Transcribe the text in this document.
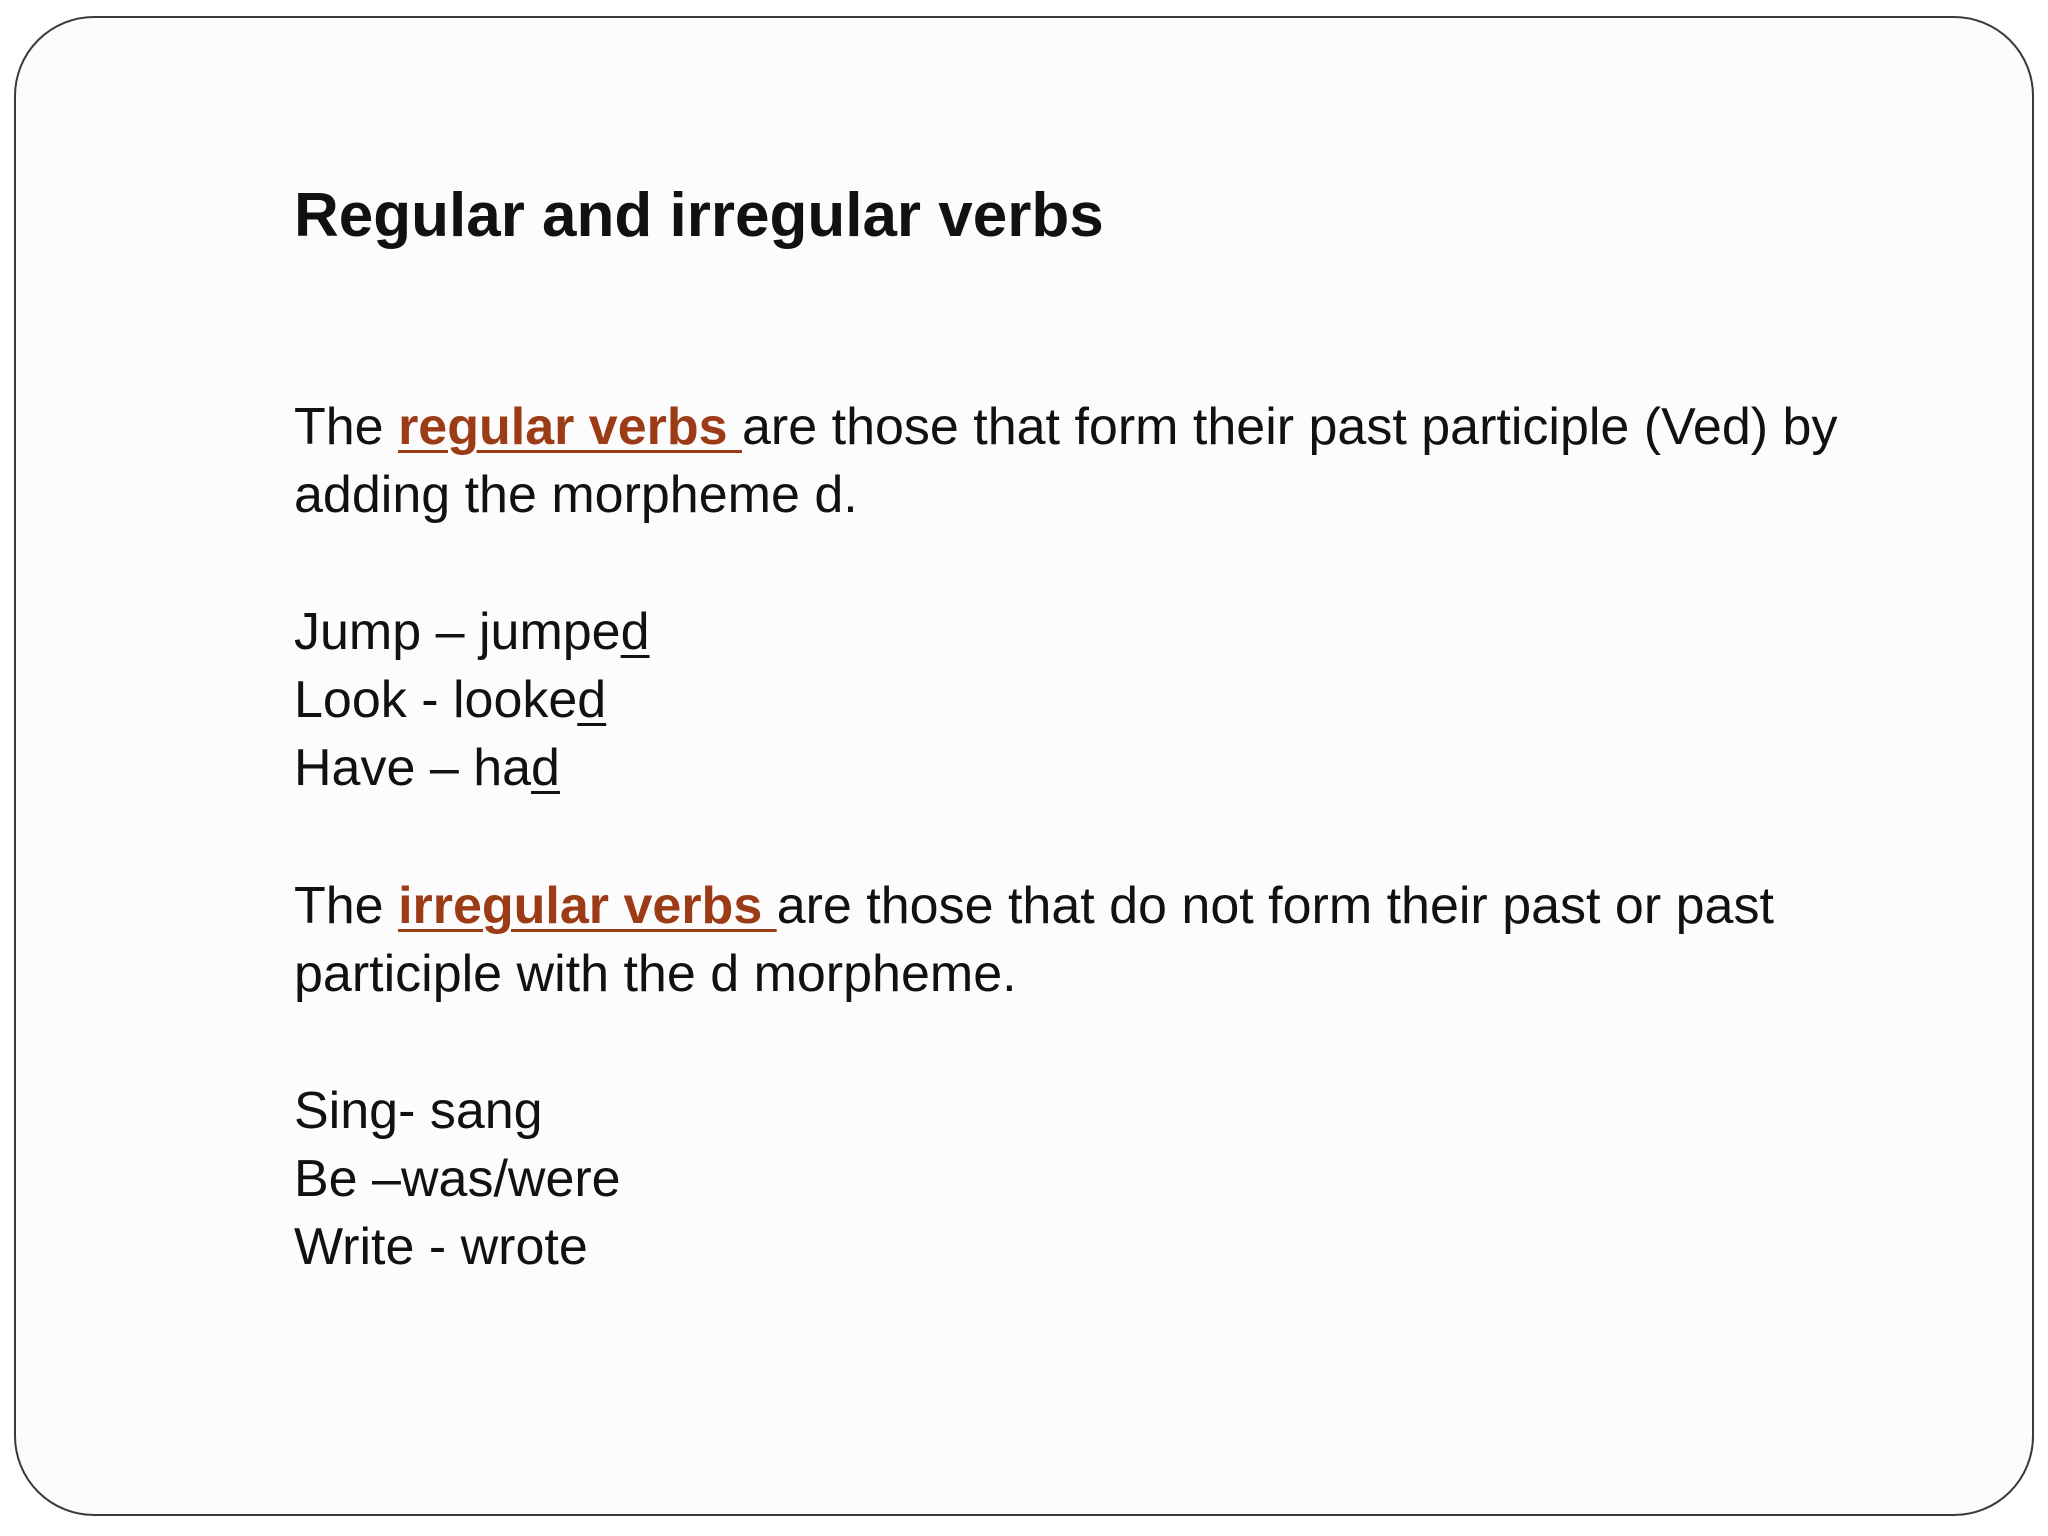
Regular and irregular verbs

The regular verbs are those that form their past participle (Ved) by adding the morpheme d.

Jump – jumped
Look - looked
Have – had

The irregular verbs are those that do not form their past or past participle with the d morpheme.

Sing- sang
Be –was/were
Write - wrote
